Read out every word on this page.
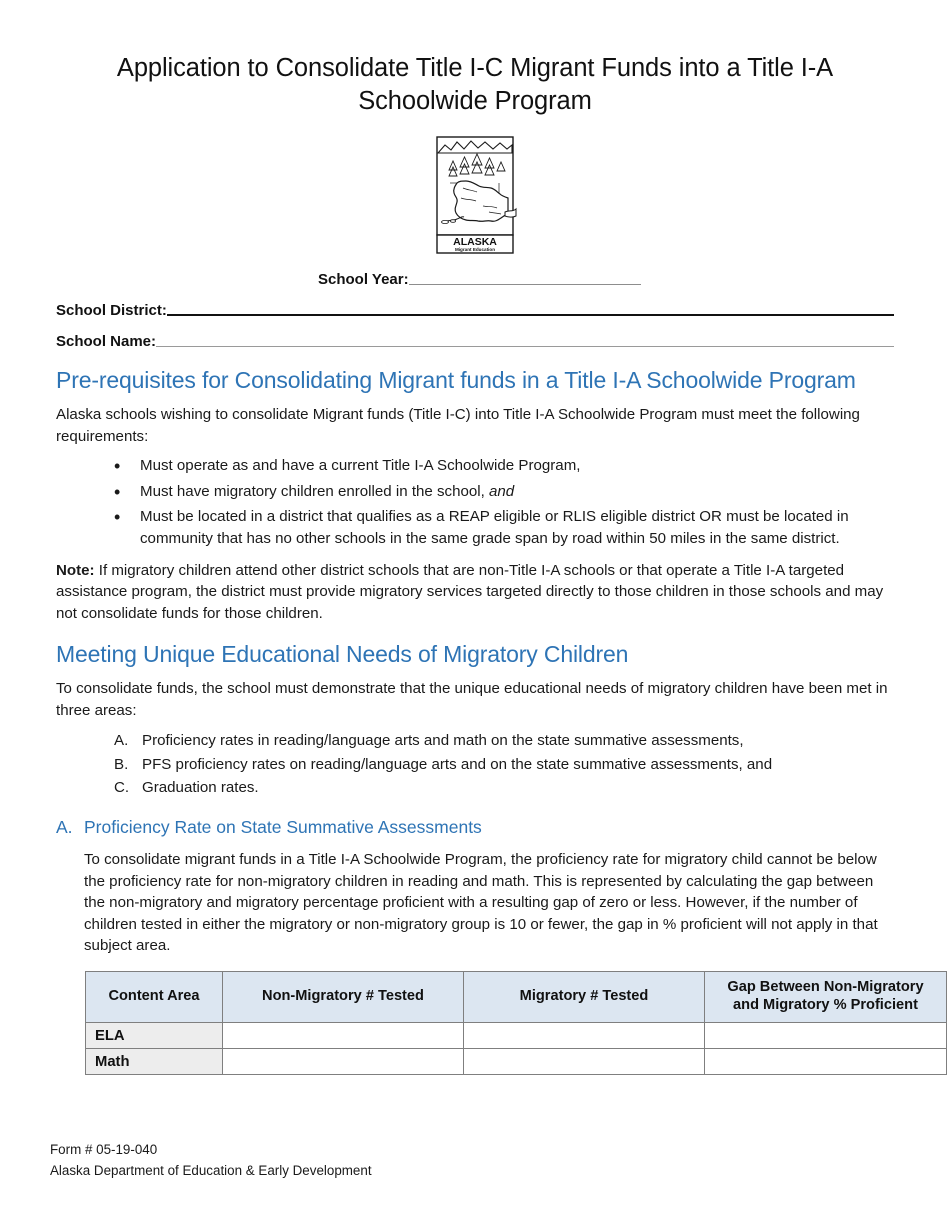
Application to Consolidate Title I-C Migrant Funds into a Title I-A Schoolwide Program
ALASKA
Migrant Education
School Year:
School District:
School Name:
Pre-requisites for Consolidating Migrant funds in a Title I-A Schoolwide Program

Alaska schools wishing to consolidate Migrant funds (Title I-C) into Title I-A Schoolwide Program must meet the following requirements:

• Must operate as and have a current Title I-A Schoolwide Program,
• Must have migratory children enrolled in the school, and
• Must be located in a district that qualifies as a REAP eligible or RLIS eligible district OR must be located in community that has no other schools in the same grade span by road within 50 miles in the same district.

Note: If migratory children attend other district schools that are non-Title I-A schools or that operate a Title I-A targeted assistance program, the district must provide migratory services targeted directly to those children in those schools and may not consolidate funds for those children.

Meeting Unique Educational Needs of Migratory Children

To consolidate funds, the school must demonstrate that the unique educational needs of migratory children have been met in three areas:

Proficiency rates in reading/language arts and math on the state summative assessments,
PFS proficiency rates on reading/language arts and on the state summative assessments, and
Graduation rates.
A. Proficiency Rate on State Summative Assessments

To consolidate migrant funds in a Title I-A Schoolwide Program, the proficiency rate for migratory child cannot be below the proficiency rate for non-migratory children in reading and math. This is represented by calculating the gap between the non-migratory and migratory percentage proficient with a resulting gap of zero or less. However, if the number of children tested in either the migratory or non-migratory group is 10 or fewer, the gap in % proficient will not apply in that subject area.

Content Area	Non-Migratory # Tested	Migratory # Tested	Gap Between Non-Migratory
and Migratory % Proficient
ELA			
Math			
Form # 05-19-040
Alaska Department of Education & Early Development
